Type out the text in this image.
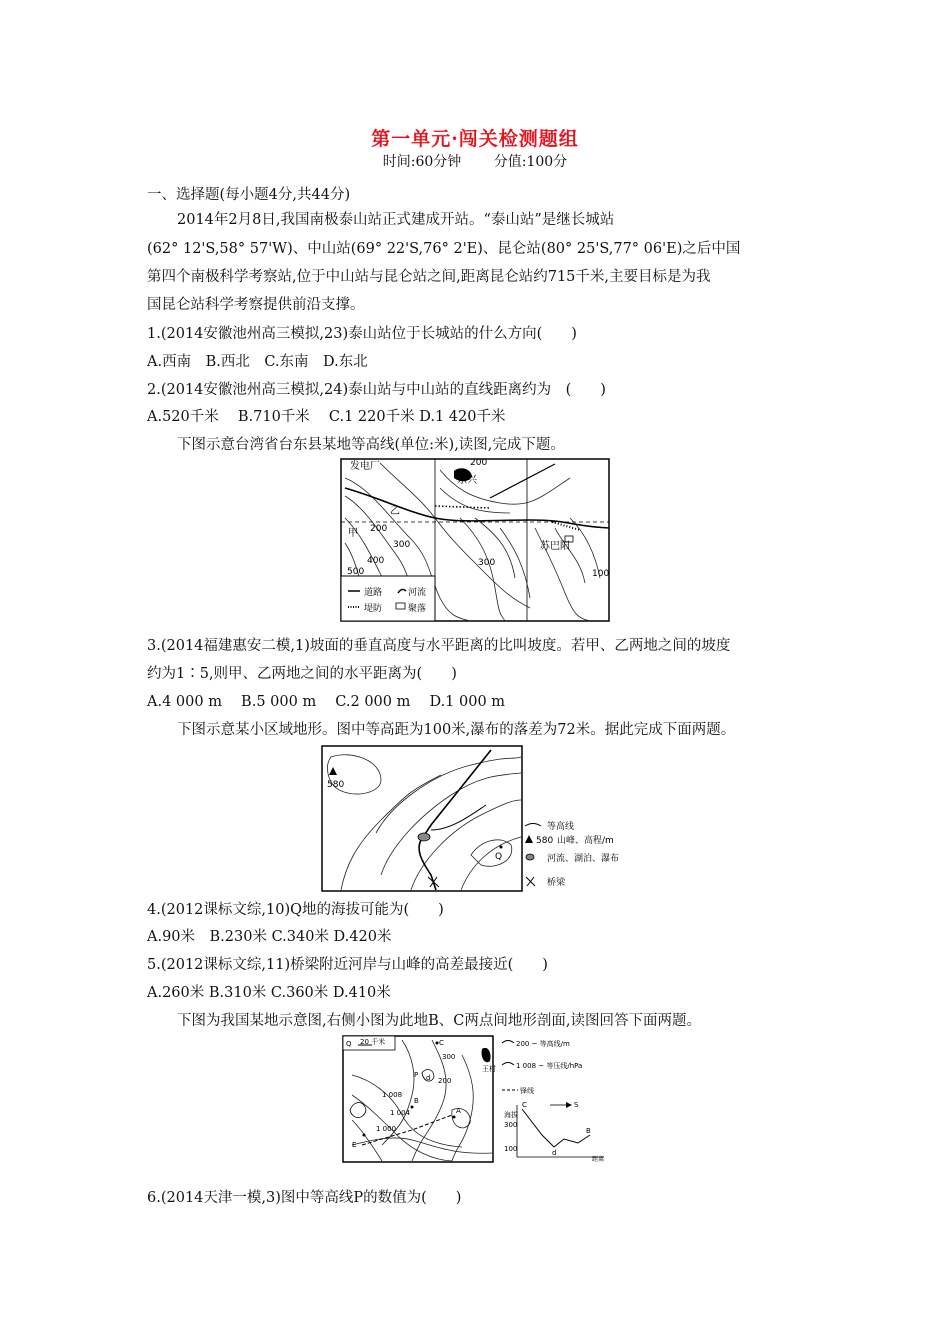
第一单元·闯关检测题组
时间:60分钟 分值:100分
一、选择题(每小题4分,共44分)
2014年2月8日,我国南极泰山站正式建成开站。“泰山站”是继长城站
(62° 12'S,58° 57'W)、中山站(69° 22'S,76° 2'E)、昆仑站(80° 25'S,77° 06'E)之后中国
第四个南极科学考察站,位于中山站与昆仑站之间,距离昆仑站约715千米,主要目标是为我
国昆仑站科学考察提供前沿支撑。
1.(2014安徽池州高三模拟,23)泰山站位于长城站的什么方向(　　)
A.西南　B.西北　C.东南　D.东北
2.(2014安徽池州高三模拟,24)泰山站与中山站的直线距离约为　(　　)
A.520千米　 B.710千米　 C.1 220千米 D.1 420千米
下图示意台湾省台东县某地等高线(单位:米),读图,完成下题。
发电厂
东兴
苏巴阳
甲
乙
200
200
300
400
500
300
100
道路	河流
堤防	聚落
3.(2014福建惠安二模,1)坡面的垂直高度与水平距离的比叫坡度。若甲、乙两地之间的坡度
约为1∶5,则甲、乙两地之间的水平距离为(　　)
A.4 000 m　 B.5 000 m　 C.2 000 m　 D.1 000 m
下图示意某小区域地形。图中等高距为100米,瀑布的落差为72米。据此完成下面两题。
580
Q
等高线
580 山峰、高程/m
河流、湖泊、瀑布
桥梁
4.(2012课标文综,10)Q地的海拔可能为(　　)
A.90米　B.230米 C.340米 D.420米
5.(2012课标文综,11)桥梁附近河岸与山峰的高差最接近(　　)
A.260米 B.310米 C.360米 D.410米
下图为我国某地示意图,右侧小图为此地B、C两点间地形剖面,读图回答下面两题。
Q 20 千米	C
P d
B
A
E
王村
1 008
1 004
1 000
300
200
200 ~ 等高线/m
1 008 ~ 等压线/hPa
锋线
海拔
300
100
C
B
d
S
距离
6.(2014天津一模,3)图中等高线P的数值为(　　)
